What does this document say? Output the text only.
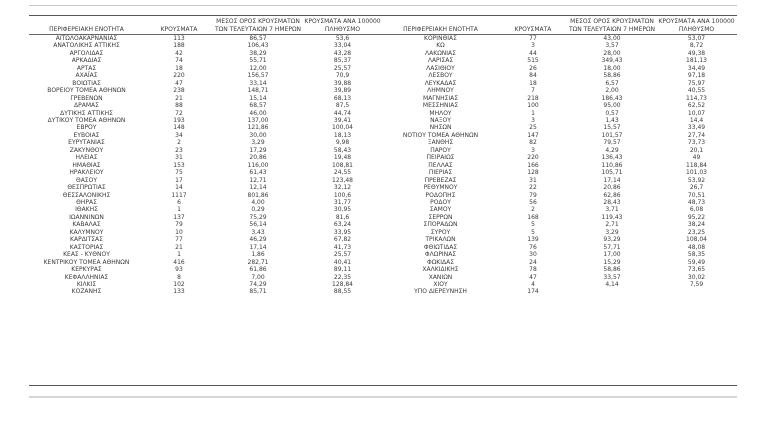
ΠΕΡΙΦΕΡΕΙΑΚΗ ΕΝΟΤΗΤΑ	ΚΡΟΥΣΜΑΤΑ	ΜΕΣΟΣ ΟΡΟΣ ΚΡΟΥΣΜΑΤΩΝ ΤΩΝ ΤΕΛΕΥΤΑΙΩΝ 7 ΗΜΕΡΩΝ	ΚΡΟΥΣΜΑΤΑ ΑΝΑ 100000 ΠΛΗΘΥΣΜΟ
ΑΙΤΩΛΟΑΚΑΡΝΑΝΙΑΣ	113	86,57	53,6
ΑΝΑΤΟΛΙΚΗΣ ΑΤΤΙΚΗΣ	188	106,43	33,04
ΑΡΓΟΛΙΔΑΣ	42	38,29	43,28
ΑΡΚΑΔΙΑΣ	74	55,71	85,37
ΑΡΤΑΣ	18	12,00	25,57
ΑΧΑΪΑΣ	220	156,57	70,9
ΒΟΙΩΤΙΑΣ	47	33,14	39,88
ΒΟΡΕΙΟΥ ΤΟΜΕΑ ΑΘΗΝΩΝ	238	148,71	39,89
ΓΡΕΒΕΝΩΝ	21	15,14	68,13
ΔΡΑΜΑΣ	88	68,57	87,5
ΔΥΤΙΚΗΣ ΑΤΤΙΚΗΣ	72	46,00	44,74
ΔΥΤΙΚΟΥ ΤΟΜΕΑ ΑΘΗΝΩΝ	193	137,00	39,41
ΕΒΡΟΥ	148	121,86	100,04
ΕΥΒΟΙΑΣ	34	30,00	18,13
ΕΥΡΥΤΑΝΙΑΣ	2	3,29	9,98
ΖΑΚΥΝΘΟΥ	23	17,29	58,43
ΗΛΕΙΑΣ	31	20,86	19,48
ΗΜΑΘΙΑΣ	153	116,00	108,81
ΗΡΑΚΛΕΙΟΥ	75	61,43	24,55
ΘΑΣΟΥ	17	12,71	123,48
ΘΕΣΠΡΩΤΙΑΣ	14	12,14	32,12
ΘΕΣΣΑΛΟΝΙΚΗΣ	1117	801,86	100,6
ΘΗΡΑΣ	6	4,00	31,77
ΙΘΑΚΗΣ	1	0,29	30,95
ΙΩΑΝΝΙΝΩΝ	137	75,29	81,6
ΚΑΒΑΛΑΣ	79	56,14	63,24
ΚΑΛΥΜΝΟΥ	10	3,43	33,95
ΚΑΡΔΙΤΣΑΣ	77	46,29	67,82
ΚΑΣΤΟΡΙΑΣ	21	17,14	41,73
ΚΕΑΣ - ΚΥΘΝΟΥ	1	1,86	25,57
ΚΕΝΤΡΙΚΟΥ ΤΟΜΕΑ ΑΘΗΝΩΝ	416	282,71	40,41
ΚΕΡΚΥΡΑΣ	93	61,86	89,11
ΚΕΦΑΛΛΗΝΙΑΣ	8	7,00	22,35
ΚΙΛΚΙΣ	102	74,29	128,84
ΚΟΖΑΝΗΣ	133	85,71	88,55
ΠΕΡΙΦΕΡΕΙΑΚΗ ΕΝΟΤΗΤΑ	ΚΡΟΥΣΜΑΤΑ	ΜΕΣΟΣ ΟΡΟΣ ΚΡΟΥΣΜΑΤΩΝ ΤΩΝ ΤΕΛΕΥΤΑΙΩΝ 7 ΗΜΕΡΩΝ	ΚΡΟΥΣΜΑΤΑ ΑΝΑ 100000 ΠΛΗΘΥΣΜΟ
ΚΟΡΙΝΘΙΑΣ	77	43,00	53,07
ΚΩ	3	3,57	8,72
ΛΑΚΩΝΙΑΣ	44	28,00	49,38
ΛΑΡΙΣΑΣ	515	349,43	181,13
ΛΑΣΙΘΙΟΥ	26	18,00	34,49
ΛΕΣΒΟΥ	84	58,86	97,18
ΛΕΥΚΑΔΑΣ	18	6,57	75,97
ΛΗΜΝΟΥ	7	2,00	40,55
ΜΑΓΝΗΣΙΑΣ	218	186,43	114,73
ΜΕΣΣΗΝΙΑΣ	100	95,00	62,52
ΜΗΛΟΥ	1	0,57	10,07
ΝΑΞΟΥ	3	1,43	14,4
ΝΗΣΩΝ	25	15,57	33,49
ΝΟΤΙΟΥ ΤΟΜΕΑ ΑΘΗΝΩΝ	147	101,57	27,74
ΞΑΝΘΗΣ	82	79,57	73,73
ΠΑΡΟΥ	3	4,29	20,1
ΠΕΙΡΑΙΩΣ	220	136,43	49
ΠΕΛΛΑΣ	166	110,86	118,84
ΠΙΕΡΙΑΣ	128	105,71	101,03
ΠΡΕΒΕΖΑΣ	31	17,14	53,92
ΡΕΘΥΜΝΟΥ	22	20,86	26,7
ΡΟΔΟΠΗΣ	79	62,86	70,51
ΡΟΔΟΥ	56	28,43	48,73
ΣΑΜΟΥ	2	3,71	6,08
ΣΕΡΡΩΝ	168	119,43	95,22
ΣΠΟΡΑΔΩΝ	5	2,71	38,24
ΣΥΡΟΥ	5	3,29	23,25
ΤΡΙΚΑΛΩΝ	139	93,29	108,04
ΦΘΙΩΤΙΔΑΣ	76	57,71	48,08
ΦΛΩΡΙΝΑΣ	30	17,00	58,35
ΦΩΚΙΔΑΣ	24	15,29	59,49
ΧΑΛΚΙΔΙΚΗΣ	78	58,86	73,65
ΧΑΝΙΩΝ	47	33,57	30,02
ΧΙΟΥ	4	4,14	7,59
ΥΠΟ ΔΙΕΡΕΥΝΗΣΗ	174		
